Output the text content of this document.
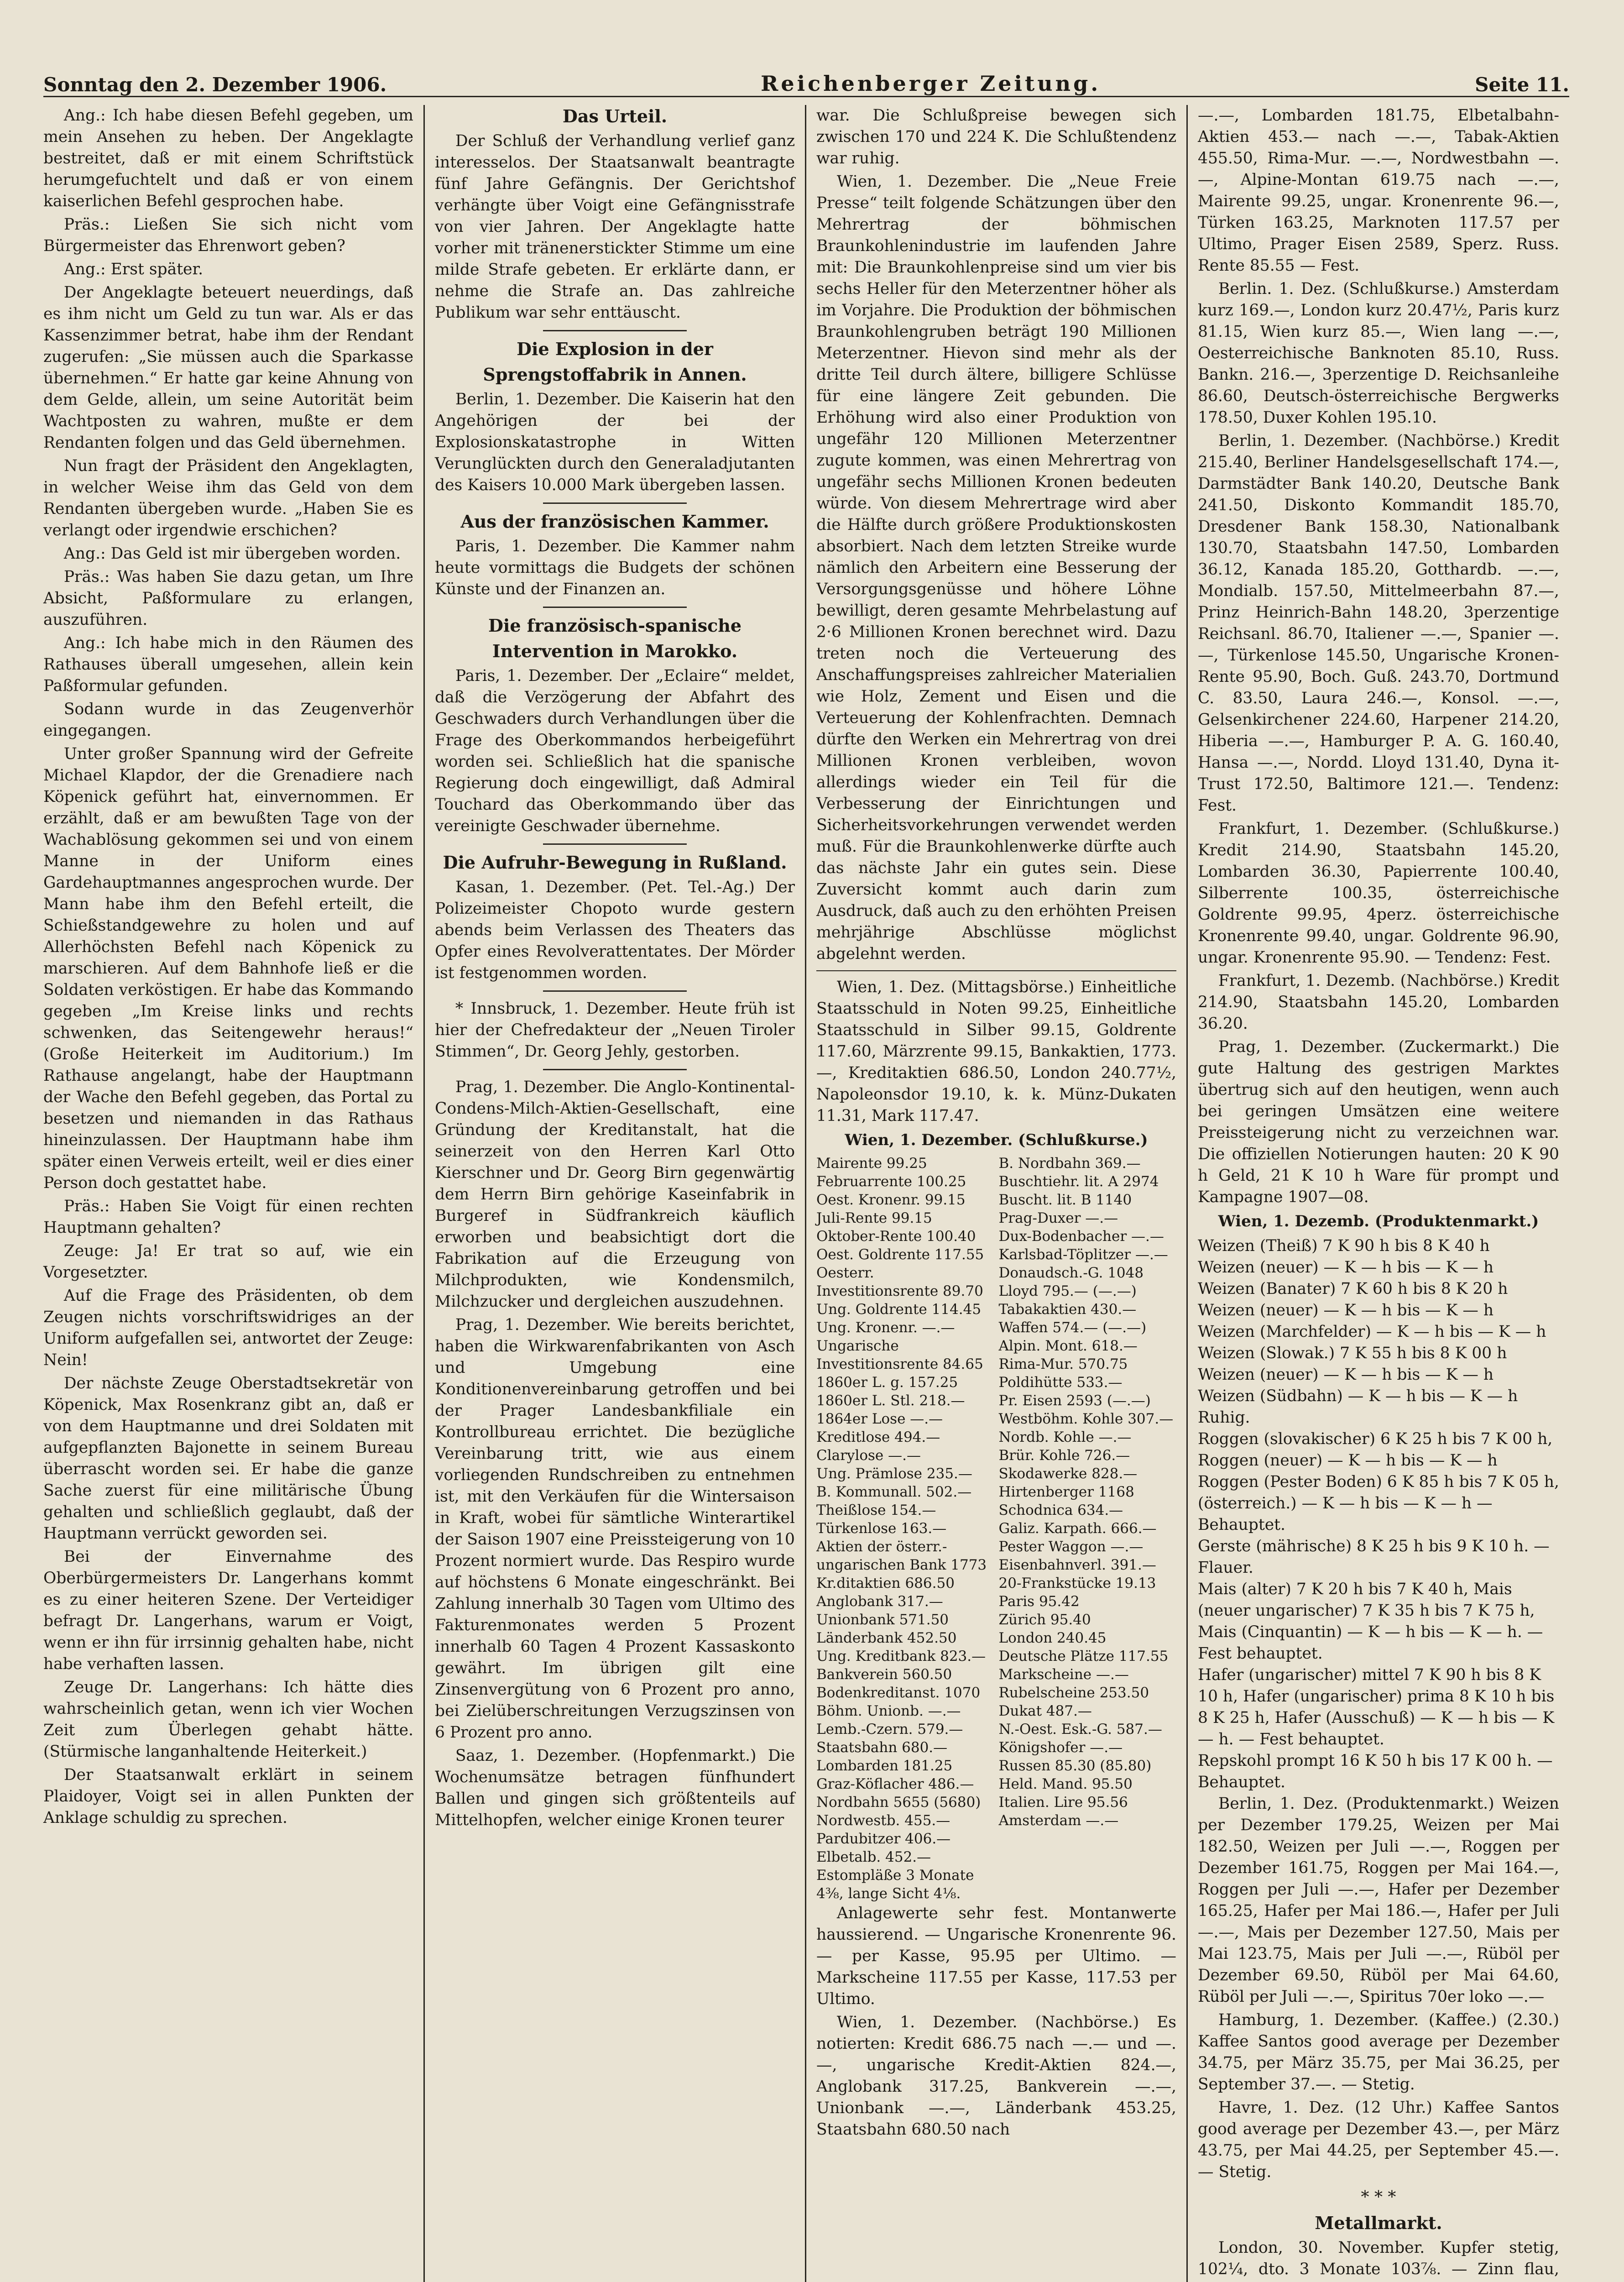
Sonntag den 2. Dezember 1906.	Reichenberger Zeitung.	Seite 11.

Ang.: Ich habe diesen Befehl gegeben, um mein Ansehen zu heben. Der Angeklagte bestreitet, daß er mit einem Schriftstück herumgefuchtelt und daß er von einem kaiserlichen Befehl gesprochen habe.

Präs.: Ließen Sie sich nicht vom Bürgermeister das Ehrenwort geben?

Ang.: Erst später.

Der Angeklagte beteuert neuerdings, daß es ihm nicht um Geld zu tun war. Als er das Kassenzimmer betrat, habe ihm der Rendant zugerufen: „Sie müssen auch die Sparkasse übernehmen.“ Er hatte gar keine Ahnung von dem Gelde, allein, um seine Autorität beim Wachtposten zu wahren, mußte er dem Rendanten folgen und das Geld übernehmen.

Nun fragt der Präsident den Angeklagten, in welcher Weise ihm das Geld von dem Rendanten übergeben wurde. „Haben Sie es verlangt oder irgendwie erschichen?

Ang.: Das Geld ist mir übergeben worden.

Präs.: Was haben Sie dazu getan, um Ihre Absicht, Paßformulare zu erlangen, auszuführen.

Ang.: Ich habe mich in den Räumen des Rathauses überall umgesehen, allein kein Paßformular gefunden.

Sodann wurde in das Zeugenverhör eingegangen.

Unter großer Spannung wird der Gefreite Michael Klapdor, der die Grenadiere nach Köpenick geführt hat, einvernommen. Er erzählt, daß er am bewußten Tage von der Wachablösung gekommen sei und von einem Manne in der Uniform eines Gardehauptmannes angesprochen wurde. Der Mann habe ihm den Befehl erteilt, die Schießstandgewehre zu holen und auf Allerhöchsten Befehl nach Köpenick zu marschieren. Auf dem Bahnhofe ließ er die Soldaten verköstigen. Er habe das Kommando gegeben „Im Kreise links und rechts schwenken, das Seitengewehr heraus!“ (Große Heiterkeit im Auditorium.) Im Rathause angelangt, habe der Hauptmann der Wache den Befehl gegeben, das Portal zu besetzen und niemanden in das Rathaus hineinzulassen. Der Hauptmann habe ihm später einen Verweis erteilt, weil er dies einer Person doch gestattet habe.

Präs.: Haben Sie Voigt für einen rechten Hauptmann gehalten?

Zeuge: Ja! Er trat so auf, wie ein Vorgesetzter.

Auf die Frage des Präsidenten, ob dem Zeugen nichts vorschriftswidriges an der Uniform aufgefallen sei, antwortet der Zeuge: Nein!

Der nächste Zeuge Oberstadtsekretär von Köpenick, Max Rosenkranz gibt an, daß er von dem Hauptmanne und drei Soldaten mit aufgepflanzten Bajonette in seinem Bureau überrascht worden sei. Er habe die ganze Sache zuerst für eine militärische Übung gehalten und schließlich geglaubt, daß der Hauptmann verrückt geworden sei.

Bei der Einvernahme des Oberbürgermeisters Dr. Langerhans kommt es zu einer heiteren Szene. Der Verteidiger befragt Dr. Langerhans, warum er Voigt, wenn er ihn für irrsinnig gehalten habe, nicht habe verhaften lassen.

Zeuge Dr. Langerhans: Ich hätte dies wahrscheinlich getan, wenn ich vier Wochen Zeit zum Überlegen gehabt hätte. (Stürmische langanhaltende Heiterkeit.)

Der Staatsanwalt erklärt in seinem Plaidoyer, Voigt sei in allen Punkten der Anklage schuldig zu sprechen.

Das Urteil.

Der Schluß der Verhandlung verlief ganz interesselos. Der Staatsanwalt beantragte fünf Jahre Gefängnis. Der Gerichtshof verhängte über Voigt eine Gefängnisstrafe von vier Jahren. Der Angeklagte hatte vorher mit tränenerstickter Stimme um eine milde Strafe gebeten. Er erklärte dann, er nehme die Strafe an. Das zahlreiche Publikum war sehr enttäuscht.

Die Explosion in der
Sprengstoffabrik in Annen.

Berlin, 1. Dezember. Die Kaiserin hat den Angehörigen der bei der Explosionskatastrophe in Witten Verunglückten durch den Generaladjutanten des Kaisers 10.000 Mark übergeben lassen.

Aus der französischen Kammer.

Paris, 1. Dezember. Die Kammer nahm heute vormittags die Budgets der schönen Künste und der Finanzen an.

Die französisch-spanische
Intervention in Marokko.

Paris, 1. Dezember. Der „Eclaire“ meldet, daß die Verzögerung der Abfahrt des Geschwaders durch Verhandlungen über die Frage des Oberkommandos herbeigeführt worden sei. Schließlich hat die spanische Regierung doch eingewilligt, daß Admiral Touchard das Oberkommando über das vereinigte Geschwader übernehme.

Die Aufruhr-Bewegung in Rußland.

Kasan, 1. Dezember. (Pet. Tel.-Ag.) Der Polizeimeister Chopoto wurde gestern abends beim Verlassen des Theaters das Opfer eines Revolverattentates. Der Mörder ist festgenommen worden.

* Innsbruck, 1. Dezember. Heute früh ist hier der Chefredakteur der „Neuen Tiroler Stimmen“, Dr. Georg Jehly, gestorben.

Prag, 1. Dezember. Die Anglo-Kontinental-Condens-Milch-Aktien-Gesellschaft, eine Gründung der Kreditanstalt, hat die seinerzeit von den Herren Karl Otto Kierschner und Dr. Georg Birn gegenwärtig dem Herrn Birn gehörige Kaseinfabrik in Burgeref in Südfrankreich käuflich erworben und beabsichtigt dort die Fabrikation auf die Erzeugung von Milchprodukten, wie Kondensmilch, Milchzucker und dergleichen auszudehnen.

Prag, 1. Dezember. Wie bereits berichtet, haben die Wirkwarenfabrikanten von Asch und Umgebung eine Konditionenvereinbarung getroffen und bei der Prager Landesbankfiliale ein Kontrollbureau errichtet. Die bezügliche Vereinbarung tritt, wie aus einem vorliegenden Rundschreiben zu entnehmen ist, mit den Verkäufen für die Wintersaison in Kraft, wobei für sämtliche Winterartikel der Saison 1907 eine Preissteigerung von 10 Prozent normiert wurde. Das Respiro wurde auf höchstens 6 Monate eingeschränkt. Bei Zahlung innerhalb 30 Tagen vom Ultimo des Fakturenmonates werden 5 Prozent innerhalb 60 Tagen 4 Prozent Kassaskonto gewährt. Im übrigen gilt eine Zinsenvergütung von 6 Prozent pro anno, bei Zielüberschreitungen Verzugszinsen von 6 Prozent pro anno.

Saaz, 1. Dezember. (Hopfenmarkt.) Die Wochenumsätze betragen fünfhundert Ballen und gingen sich größtenteils auf Mittelhopfen, welcher einige Kronen teurer

war. Die Schlußpreise bewegen sich zwischen 170 und 224 K. Die Schlußtendenz war ruhig.

Wien, 1. Dezember. Die „Neue Freie Presse“ teilt folgende Schätzungen über den Mehrertrag der böhmischen Braunkohlenindustrie im laufenden Jahre mit: Die Braunkohlenpreise sind um vier bis sechs Heller für den Meterzentner höher als im Vorjahre. Die Produktion der böhmischen Braunkohlengruben beträgt 190 Millionen Meterzentner. Hievon sind mehr als der dritte Teil durch ältere, billigere Schlüsse für eine längere Zeit gebunden. Die Erhöhung wird also einer Produktion von ungefähr 120 Millionen Meterzentner zugute kommen, was einen Mehrertrag von ungefähr sechs Millionen Kronen bedeuten würde. Von diesem Mehrertrage wird aber die Hälfte durch größere Produktionskosten absorbiert. Nach dem letzten Streike wurde nämlich den Arbeitern eine Besserung der Versorgungsgenüsse und höhere Löhne bewilligt, deren gesamte Mehrbelastung auf 2·6 Millionen Kronen berechnet wird. Dazu treten noch die Verteuerung des Anschaffungspreises zahlreicher Materialien wie Holz, Zement und Eisen und die Verteuerung der Kohlenfrachten. Demnach dürfte den Werken ein Mehrertrag von drei Millionen Kronen verbleiben, wovon allerdings wieder ein Teil für die Verbesserung der Einrichtungen und Sicherheitsvorkehrungen verwendet werden muß. Für die Braunkohlenwerke dürfte auch das nächste Jahr ein gutes sein. Diese Zuversicht kommt auch darin zum Ausdruck, daß auch zu den erhöhten Preisen mehrjährige Abschlüsse möglichst abgelehnt werden.

Wien, 1. Dez. (Mittagsbörse.) Einheitliche Staatsschuld in Noten 99.25, Einheitliche Staatsschuld in Silber 99.15, Goldrente 117.60, Märzrente 99.15, Bankaktien, 1773.—, Kreditaktien 686.50, London 240.77½, Napoleonsdor 19.10, k. k. Münz-Dukaten 11.31, Mark 117.47.

Wien, 1. Dezember. (Schlußkurse.)
Mairente 99.25
Februarrente 100.25
Oest. Kronenr. 99.15
Juli-Rente 99.15
Oktober-Rente 100.40
Oest. Goldrente 117.55
Oesterr. Investitionsrente 89.70
Ung. Goldrente 114.45
Ung. Kronenr. —.—
Ungarische Investitionsrente 84.65
1860er L. g. 157.25
1860er L. Stl. 218.—
1864er Lose —.—
Kreditlose 494.—
Clarylose —.—
Ung. Prämlose 235.—
B. Kommunall. 502.—
Theißlose 154.—
Türkenlose 163.—
Aktien der österr.-ungarischen Bank 1773
Kr.ditaktien 686.50
Anglobank 317.—
Unionbank 571.50
Länderbank 452.50
Ung. Kreditbank 823.—
Bankverein 560.50
Bodenkreditanst. 1070
Böhm. Unionb. —.—
Lemb.-Czern. 579.—
Staatsbahn 680.—
Lombarden 181.25
Graz-Köflacher 486.—
Nordbahn 5655 (5680)
Nordwestb. 455.—
Pardubitzer 406.—
Elbetalb. 452.—
Estompläße 3 Monate 4⅜, lange Sicht 4⅛.
B. Nordbahn 369.—
Buschtiehr. lit. A 2974
Buscht. lit. B 1140
Prag-Duxer —.—
Dux-Bodenbacher —.—
Karlsbad-Töplitzer —.—
Donaudsch.-G. 1048
Lloyd 795.— (—.—)
Tabakaktien 430.—
Waffen 574.— (—.—)
Alpin. Mont. 618.—
Rima-Mur. 570.75
Poldihütte 533.—
Pr. Eisen 2593 (—.—)
Westböhm. Kohle 307.—
Nordb. Kohle —.—
Brür. Kohle 726.—
Skodawerke 828.—
Hirtenberger 1168
Schodnica 634.—
Galiz. Karpath. 666.—
Pester Waggon —.—
Eisenbahnverl. 391.—
20-Frankstücke 19.13
Paris 95.42
Zürich 95.40
London 240.45
Deutsche Plätze 117.55
Markscheine —.—
Rubelscheine 253.50
Dukat 487.—
N.-Oest. Esk.-G. 587.—
Königshofer —.—
Russen 85.30 (85.80)
Held. Mand. 95.50
Italien. Lire 95.56
Amsterdam —.—

Anlagewerte sehr fest. Montanwerte haussierend. — Ungarische Kronenrente 96.— per Kasse, 95.95 per Ultimo. — Markscheine 117.55 per Kasse, 117.53 per Ultimo.

Wien, 1. Dezember. (Nachbörse.) Es notierten: Kredit 686.75 nach —.— und —.—, ungarische Kredit-Aktien 824.—, Anglobank 317.25, Bankverein —.—, Unionbank —.—, Länderbank 453.25, Staatsbahn 680.50 nach

—.—, Lombarden 181.75, Elbetalbahn-Aktien 453.— nach —.—, Tabak-Aktien 455.50, Rima-Mur. —.—, Nordwestbahn —.—, Alpine-Montan 619.75 nach —.—, Mairente 99.25, ungar. Kronenrente 96.—, Türken 163.25, Marknoten 117.57 per Ultimo, Prager Eisen 2589, Sperz. Russ. Rente 85.55 — Fest.

Berlin. 1. Dez. (Schlußkurse.) Amsterdam kurz 169.—, London kurz 20.47½, Paris kurz 81.15, Wien kurz 85.—, Wien lang —.—, Oesterreichische Banknoten 85.10, Russ. Bankn. 216.—, 3perzentige D. Reichsanleihe 86.60, Deutsch-österreichische Bergwerks 178.50, Duxer Kohlen 195.10.

Berlin, 1. Dezember. (Nachbörse.) Kredit 215.40, Berliner Handelsgesellschaft 174.—, Darmstädter Bank 140.20, Deutsche Bank 241.50, Diskonto Kommandit 185.70, Dresdener Bank 158.30, Nationalbank 130.70, Staatsbahn 147.50, Lombarden 36.12, Kanada 185.20, Gotthardb. —.—, Mondialb. 157.50, Mittelmeerbahn 87.—, Prinz Heinrich-Bahn 148.20, 3perzentige Reichsanl. 86.70, Italiener —.—, Spanier —.—, Türkenlose 145.50, Ungarische Kronen-Rente 95.90, Boch. Guß. 243.70, Dortmund C. 83.50, Laura 246.—, Konsol. —.—, Gelsenkirchener 224.60, Harpener 214.20, Hiberia —.—, Hamburger P. A. G. 160.40, Hansa —.—, Nordd. Lloyd 131.40, Dyna it-Trust 172.50, Baltimore 121.—. Tendenz: Fest.

Frankfurt, 1. Dezember. (Schlußkurse.) Kredit 214.90, Staatsbahn 145.20, Lombarden 36.30, Papierrente 100.40, Silberrente 100.35, österreichische Goldrente 99.95, 4perz. österreichische Kronenrente 99.40, ungar. Goldrente 96.90, ungar. Kronenrente 95.90. — Tendenz: Fest.

Frankfurt, 1. Dezemb. (Nachbörse.) Kredit 214.90, Staatsbahn 145.20, Lombarden 36.20.

Prag, 1. Dezember. (Zuckermarkt.) Die gute Haltung des gestrigen Marktes übertrug sich auf den heutigen, wenn auch bei geringen Umsätzen eine weitere Preissteigerung nicht zu verzeichnen war. Die offiziellen Notierungen hauten: 20 K 90 h Geld, 21 K 10 h Ware für prompt und Kampagne 1907—08.

Wien, 1. Dezemb. (Produktenmarkt.)
Weizen (Theiß) 7 K 90 h bis 8 K 40 h
Weizen (neuer) — K — h bis — K — h
Weizen (Banater) 7 K 60 h bis 8 K 20 h
Weizen (neuer) — K — h bis — K — h
Weizen (Marchfelder) — K — h bis — K — h
Weizen (Slowak.) 7 K 55 h bis 8 K 00 h
Weizen (neuer) — K — h bis — K — h
Weizen (Südbahn) — K — h bis — K — h
Ruhig.
Roggen (slovakischer) 6 K 25 h bis 7 K 00 h, Roggen (neuer) — K — h bis — K — h
Roggen (Pester Boden) 6 K 85 h bis 7 K 05 h, (österreich.) — K — h bis — K — h — Behauptet.
Gerste (mährische) 8 K 25 h bis 9 K 10 h. — Flauer.
Mais (alter) 7 K 20 h bis 7 K 40 h, Mais (neuer ungarischer) 7 K 35 h bis 7 K 75 h, Mais (Cinquantin) — K — h bis — K — h. — Fest behauptet.
Hafer (ungarischer) mittel 7 K 90 h bis 8 K 10 h, Hafer (ungarischer) prima 8 K 10 h bis 8 K 25 h, Hafer (Ausschuß) — K — h bis — K — h. — Fest behauptet.
Repskohl prompt 16 K 50 h bis 17 K 00 h. — Behauptet.

Berlin, 1. Dez. (Produktenmarkt.) Weizen per Dezember 179.25, Weizen per Mai 182.50, Weizen per Juli —.—, Roggen per Dezember 161.75, Roggen per Mai 164.—, Roggen per Juli —.—, Hafer per Dezember 165.25, Hafer per Mai 186.—, Hafer per Juli —.—, Mais per Dezember 127.50, Mais per Mai 123.75, Mais per Juli —.—, Rüböl per Dezember 69.50, Rüböl per Mai 64.60, Rüböl per Juli —.—, Spiritus 70er loko —.—

Hamburg, 1. Dezember. (Kaffee.) (2.30.) Kaffee Santos good average per Dezember 34.75, per März 35.75, per Mai 36.25, per September 37.—. — Stetig.

Havre, 1. Dez. (12 Uhr.) Kaffee Santos good average per Dezember 43.—, per März 43.75, per Mai 44.25, per September 45.—. — Stetig.

* * *
Metallmarkt.

London, 30. November. Kupfer stetig, 102¼, dto. 3 Monate 103⅞. — Zinn flau,
